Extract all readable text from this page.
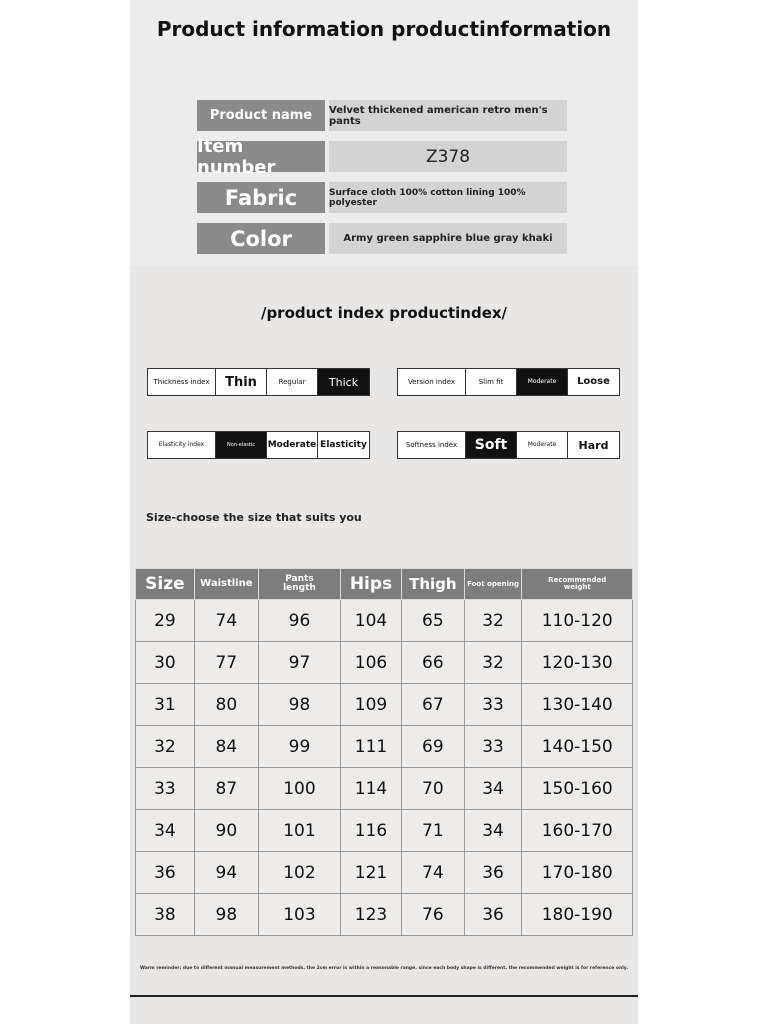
Product information productinformation
Product name	Velvet thickened american retro men's pants
Item number	Z378
Fabric	Surface cloth 100% cotton lining 100% polyester
Color	Army green sapphire blue gray khaki
/product index productindex/
Thickness index	Thin	Regular	Thick	Version index	Slim fit	Moderate	Loose
Elasticity index	Non-elastic	Moderate Elasticity	Softness index	Soft	Moderate	Hard
Size-choose the size that suits you
Size	Waistline	Pants length	Hips	Thigh	Foot opening	Recommended weight
29	74	96	104	65	32	110-120
30	77	97	106	66	32	120-130
31	80	98	109	67	33	130-140
32	84	99	111	69	33	140-150
33	87	100	114	70	34	150-160
34	90	101	116	71	34	160-170
36	94	102	121	74	36	170-180
38	98	103	123	76	36	180-190
Warm reminder: due to different manual measurement methods, the 2cm error is within a reasonable range. since each body shape is different, the recommended weight is for reference only.
